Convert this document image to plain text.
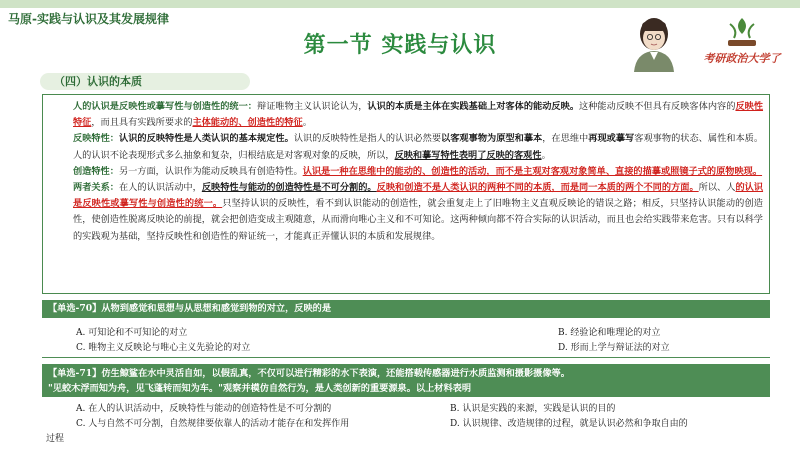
马原-实践与认识及其发展规律
第一节 实践与认识
考研政治大学了
（四）认识的本质

人的认识是反映性或摹写性与创造性的统一：辩证唯物主义认识论认为，认识的本质是主体在实践基础上对客体的能动反映。这种能动反映不但具有反映客体内容的反映性特征，而且具有实践所要求的主体能动的、创造性的特征。

反映特性：认识的反映特性是人类认识的基本规定性。认识的反映特性是指人的认识必然要以客观事物为原型和摹本，在思维中再现或摹写客观事物的状态、属性和本质。人的认识不论表现形式多么抽象和复杂，归根结底是对客观对象的反映，所以，反映和摹写特性表明了反映的客观性。

创造特性：另一方面，认识作为能动反映具有创造特性。认识是一种在思维中的能动的、创造性的活动，而不是主观对客观对象简单、直接的描摹或照镜子式的原物映现。

两者关系：在人的认识活动中，反映特性与能动的创造特性是不可分割的。反映和创造不是人类认识的两种不同的本质，而是同一本质的两个不同的方面。所以、人的认识是反映性或摹写性与创造性的统一。只坚持认识的反映性，看不到认识能动的创造性，就会重复走上了旧唯物主义直观反映论的错误之路；相反，只坚持认识能动的创造性，使创造性脱离反映论的前提，就会把创造变成主观随意，从而滑向唯心主义和不可知论。这两种倾向都不符合实际的认识活动，而且也会给实践带来危害。只有以科学的实践观为基础，坚持反映性和创造性的辩证统一，才能真正弄懂认识的本质和发展规律。

【单选-70】从物到感觉和思想与从思想和感觉到物的对立，反映的是
A. 可知论和不可知论的对立	B. 经验论和唯理论的对立
C. 唯物主义反映论与唯心主义先验论的对立	D. 形而上学与辩证法的对立
【单选-71】仿生鲸鲨在水中灵活自如，以假乱真，不仅可以进行精彩的水下表演，还能搭载传感器进行水质监测和摄影摄像等。
"见蛟木浮而知为舟，见飞蓬转而知为车。"观察并模仿自然行为，是人类创新的重要源泉。以上材料表明
A. 在人的认识活动中，反映特性与能动的创造特性是不可分割的	B. 认识是实践的来源，实践是认识的目的
C. 人与自然不可分割，自然规律要依靠人的活动才能存在和发挥作用	D. 认识规律、改造规律的过程，就是认识必然和争取自由的
过程
